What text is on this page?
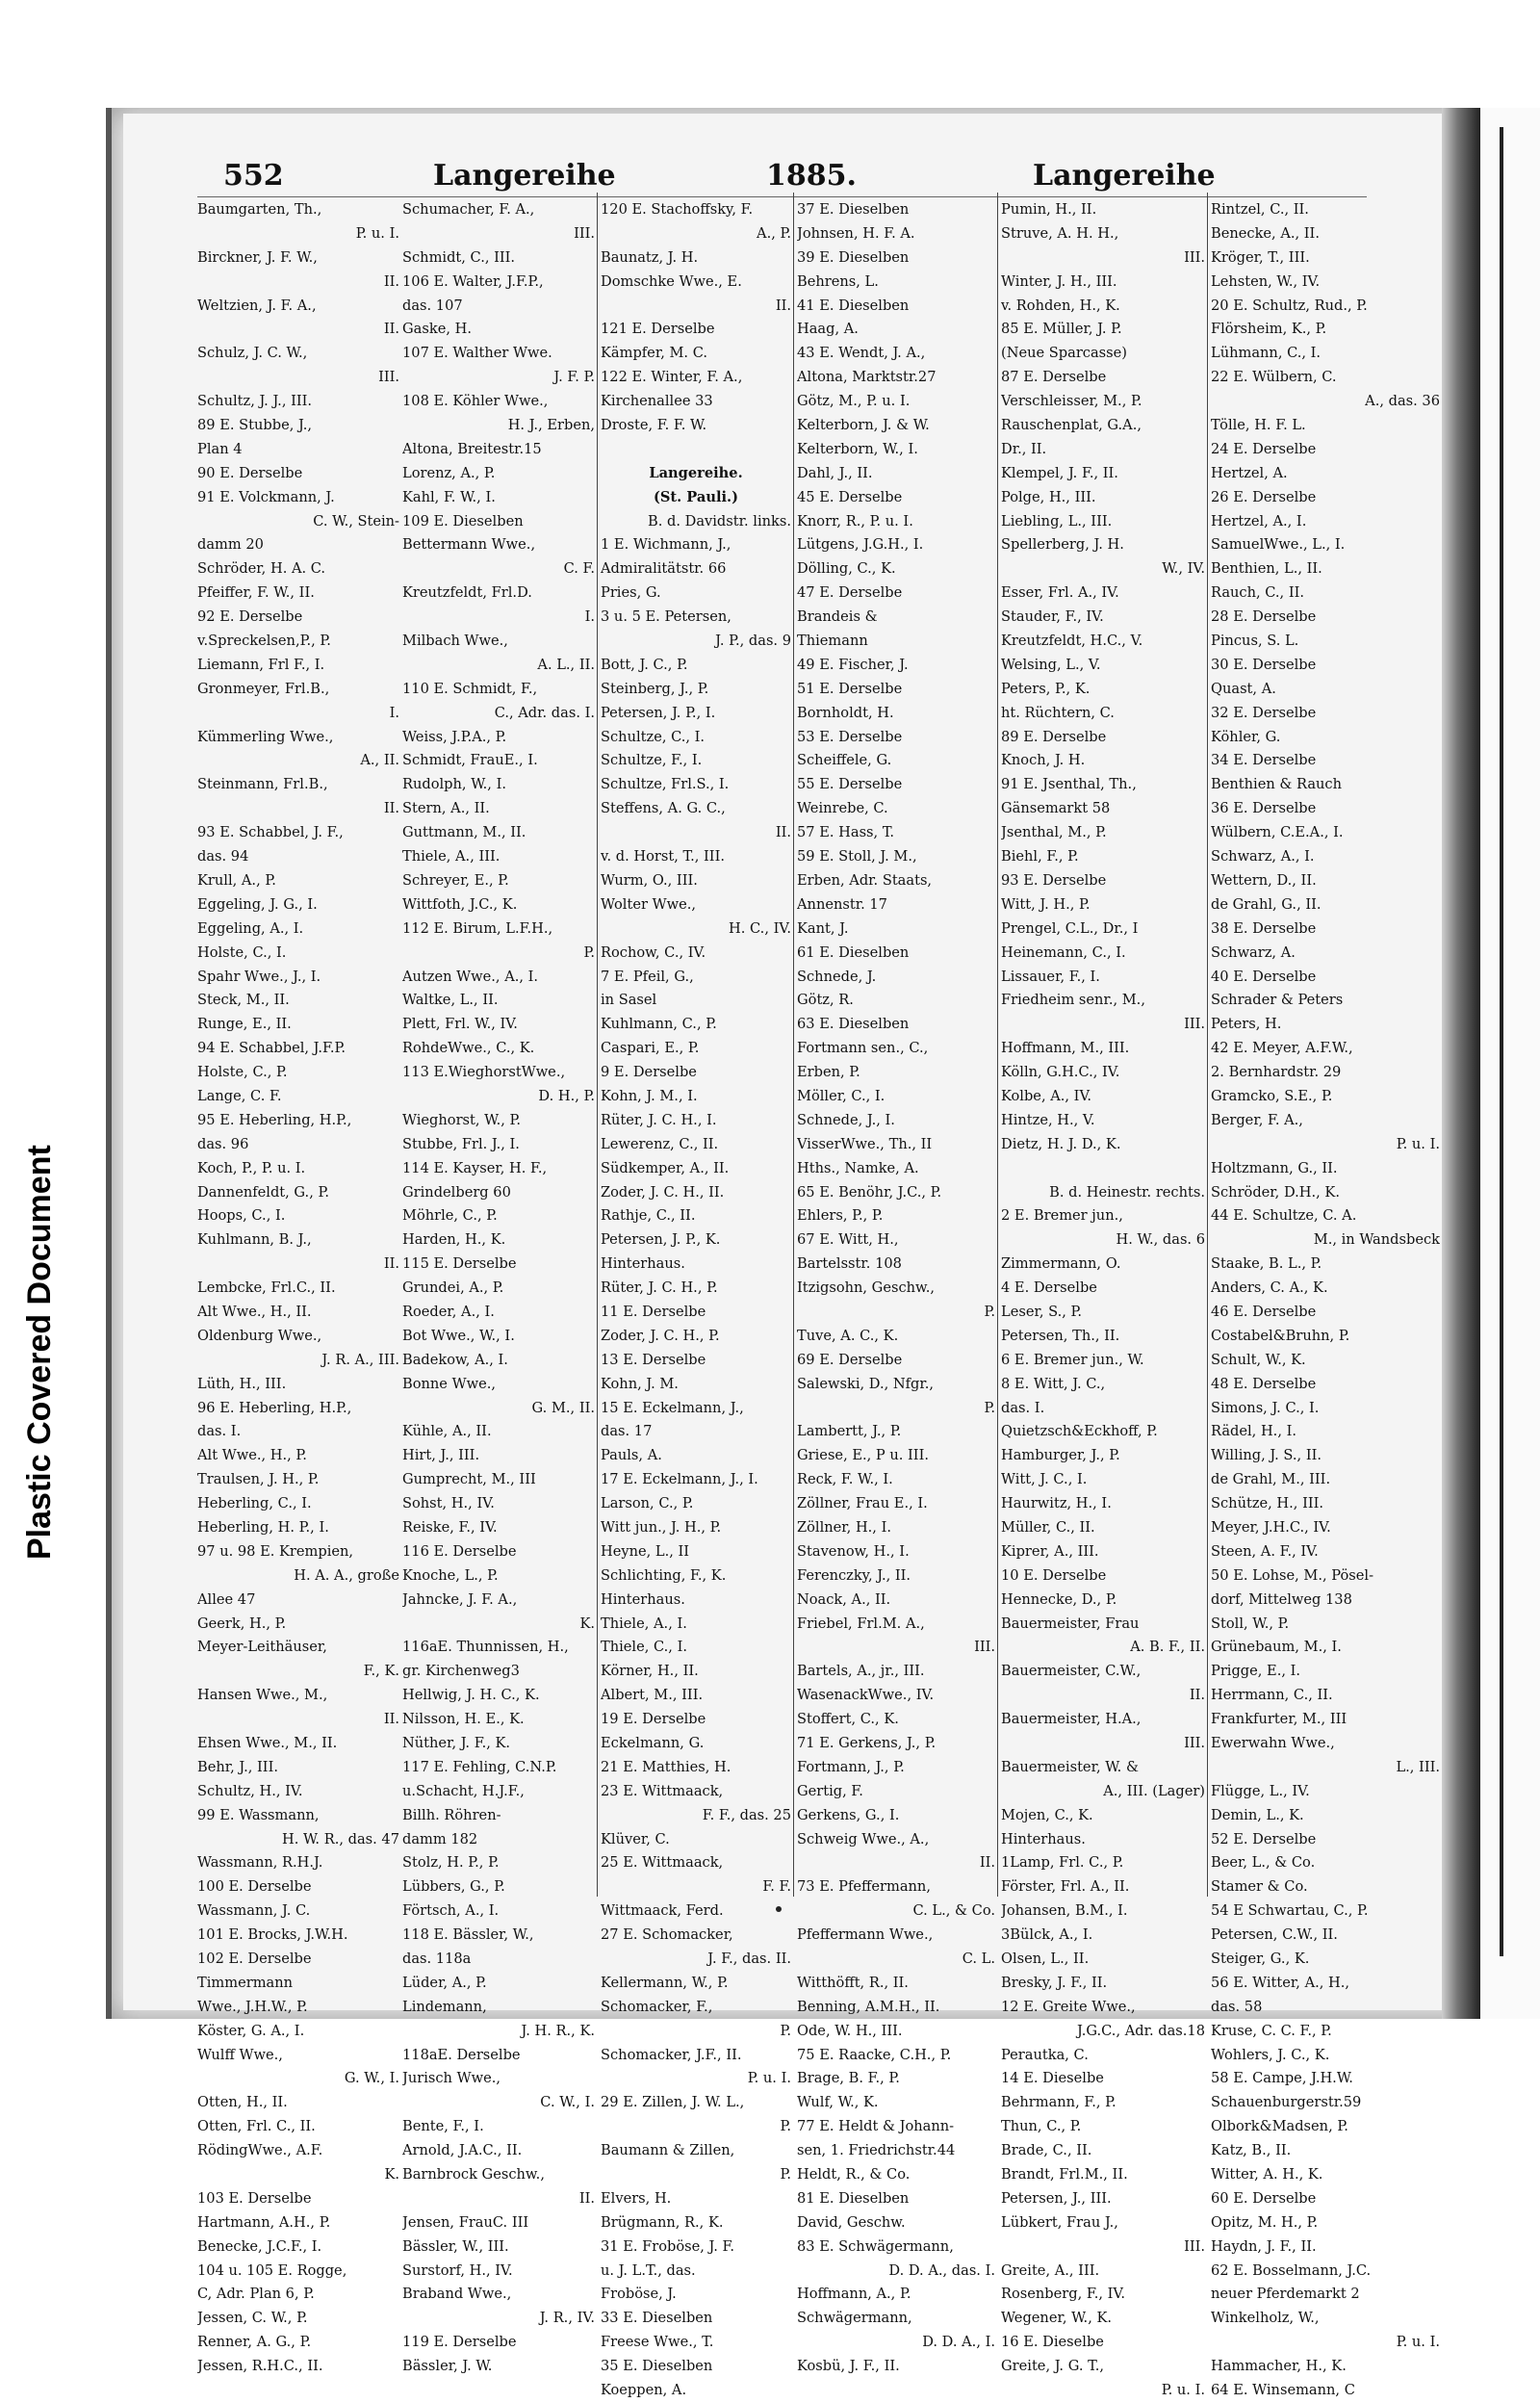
Plastic Covered Document
552	Langereihe	1885.	Langereihe
Baumgarten, Th.,
P. u. I.
Birckner, J. F. W.,
II.
Weltzien, J. F. A.,
II.
Schulz, J. C. W.,
III.
Schultz, J. J., III.
89 E. Stubbe, J.,
Plan 4
90 E. Derselbe
91 E. Volckmann, J.
C. W., Stein-
damm 20
Schröder, H. A. C.
Pfeiffer, F. W., II.
92 E. Derselbe
v.Spreckelsen,P., P.
Liemann, Frl F., I.
Gronmeyer, Frl.B.,
I.
Kümmerling Wwe.,
A., II.
Steinmann, Frl.B.,
II.
93 E. Schabbel, J. F.,
das. 94
Krull, A., P.
Eggeling, J. G., I.
Eggeling, A., I.
Holste, C., I.
Spahr Wwe., J., I.
Steck, M., II.
Runge, E., II.
94 E. Schabbel, J.F.P.
Holste, C., P.
Lange, C. F.
95 E. Heberling, H.P.,
das. 96
Koch, P., P. u. I.
Dannenfeldt, G., P.
Hoops, C., I.
Kuhlmann, B. J.,
II.
Lembcke, Frl.C., II.
Alt Wwe., H., II.
Oldenburg Wwe.,
J. R. A., III.
Lüth, H., III.
96 E. Heberling, H.P.,
das. I.
Alt Wwe., H., P.
Traulsen, J. H., P.
Heberling, C., I.
Heberling, H. P., I.
97 u. 98 E. Krempien,
H. A. A., große
Allee 47
Geerk, H., P.
Meyer-Leithäuser,
F., K.
Hansen Wwe., M.,
II.
Ehsen Wwe., M., II.
Behr, J., III.
Schultz, H., IV.
99 E. Wassmann,
H. W. R., das. 47
Wassmann, R.H.J.
100 E. Derselbe
Wassmann, J. C.
101 E. Brocks, J.W.H.
102 E. Derselbe
Timmermann
Wwe., J.H.W., P.
Köster, G. A., I.
Wulff Wwe.,
G. W., I.
Otten, H., II.
Otten, Frl. C., II.
RödingWwe., A.F.
K.
103 E. Derselbe
Hartmann, A.H., P.
Benecke, J.C.F., I.
104 u. 105 E. Rogge,
C, Adr. Plan 6, P.
Jessen, C. W., P.
Renner, A. G., P.
Jessen, R.H.C., II.
Schumacher, F. A.,
III.
Schmidt, C., III.
106 E. Walter, J.F.P.,
das. 107
Gaske, H.
107 E. Walther Wwe.
J. F. P.
108 E. Köhler Wwe.,
H. J., Erben,
Altona, Breitestr.15
Lorenz, A., P.
Kahl, F. W., I.
109 E. Dieselben
Bettermann Wwe.,
C. F.
Kreutzfeldt, Frl.D.
I.
Milbach Wwe.,
A. L., II.
110 E. Schmidt, F.,
C., Adr. das. I.
Weiss, J.P.A., P.
Schmidt, FrauE., I.
Rudolph, W., I.
Stern, A., II.
Guttmann, M., II.
Thiele, A., III.
Schreyer, E., P.
Wittfoth, J.C., K.
112 E. Birum, L.F.H.,
P.
Autzen Wwe., A., I.
Waltke, L., II.
Plett, Frl. W., IV.
RohdeWwe., C., K.
113 E.WieghorstWwe.,
D. H., P.
Wieghorst, W., P.
Stubbe, Frl. J., I.
114 E. Kayser, H. F.,
Grindelberg 60
Möhrle, C., P.
Harden, H., K.
115 E. Derselbe
Grundei, A., P.
Roeder, A., I.
Bot Wwe., W., I.
Badekow, A., I.
Bonne Wwe.,
G. M., II.
Kühle, A., II.
Hirt, J., III.
Gumprecht, M., III
Sohst, H., IV.
Reiske, F., IV.
116 E. Derselbe
Knoche, L., P.
Jahncke, J. F. A.,
K.
116aE. Thunnissen, H.,
gr. Kirchenweg3
Hellwig, J. H. C., K.
Nilsson, H. E., K.
Nüther, J. F., K.
117 E. Fehling, C.N.P.
u.Schacht, H.J.F.,
Billh. Röhren-
damm 182
Stolz, H. P., P.
Lübbers, G., P.
Förtsch, A., I.
118 E. Bässler, W.,
das. 118a
Lüder, A., P.
Lindemann,
J. H. R., K.
118aE. Derselbe
Jurisch Wwe.,
C. W., I.
Bente, F., I.
Arnold, J.A.C., II.
Barnbrock Geschw.,
II.
Jensen, FrauC. III
Bässler, W., III.
Surstorf, H., IV.
Braband Wwe.,
J. R., IV.
119 E. Derselbe
Bässler, J. W.
120 E. Stachoffsky, F.
A., P.
Baunatz, J. H.
Domschke Wwe., E.
II.
121 E. Derselbe
Kämpfer, M. C.
122 E. Winter, F. A.,
Kirchenallee 33
Droste, F. F. W.
Langereihe.
(St. Pauli.)
B. d. Davidstr. links.
1 E. Wichmann, J.,
Admiralitätstr. 66
Pries, G.
3 u. 5 E. Petersen,
J. P., das. 9
Bott, J. C., P.
Steinberg, J., P.
Petersen, J. P., I.
Schultze, C., I.
Schultze, F., I.
Schultze, Frl.S., I.
Steffens, A. G. C.,
II.
v. d. Horst, T., III.
Wurm, O., III.
Wolter Wwe.,
H. C., IV.
Rochow, C., IV.
7 E. Pfeil, G.,
in Sasel
Kuhlmann, C., P.
Caspari, E., P.
9 E. Derselbe
Kohn, J. M., I.
Rüter, J. C. H., I.
Lewerenz, C., II.
Südkemper, A., II.
Zoder, J. C. H., II.
Rathje, C., II.
Petersen, J. P., K.
Hinterhaus.
Rüter, J. C. H., P.
11 E. Derselbe
Zoder, J. C. H., P.
13 E. Derselbe
Kohn, J. M.
15 E. Eckelmann, J.,
das. 17
Pauls, A.
17 E. Eckelmann, J., I.
Larson, C., P.
Witt jun., J. H., P.
Heyne, L., II
Schlichting, F., K.
Hinterhaus.
Thiele, A., I.
Thiele, C., I.
Körner, H., II.
Albert, M., III.
19 E. Derselbe
Eckelmann, G.
21 E. Matthies, H.
23 E. Wittmaack,
F. F., das. 25
Klüver, C.
25 E. Wittmaack,
F. F.
Wittmaack, Ferd.
27 E. Schomacker,
J. F., das. II.
Kellermann, W., P.
Schomacker, F.,
P.
Schomacker, J.F., II.
P. u. I.
29 E. Zillen, J. W. L.,
P.
Baumann & Zillen,
P.
Elvers, H.
Brügmann, R., K.
31 E. Froböse, J. F.
u. J. L.T., das.
Froböse, J.
33 E. Dieselben
Freese Wwe., T.
35 E. Dieselben
Koeppen, A.
37 E. Dieselben
Johnsen, H. F. A.
39 E. Dieselben
Behrens, L.
41 E. Dieselben
Haag, A.
43 E. Wendt, J. A.,
Altona, Marktstr.27
Götz, M., P. u. I.
Kelterborn, J. & W.
Kelterborn, W., I.
Dahl, J., II.
45 E. Derselbe
Knorr, R., P. u. I.
Lütgens, J.G.H., I.
Dölling, C., K.
47 E. Derselbe
Brandeis &
Thiemann
49 E. Fischer, J.
51 E. Derselbe
Bornholdt, H.
53 E. Derselbe
Scheiffele, G.
55 E. Derselbe
Weinrebe, C.
57 E. Hass, T.
59 E. Stoll, J. M.,
Erben, Adr. Staats,
Annenstr. 17
Kant, J.
61 E. Dieselben
Schnede, J.
Götz, R.
63 E. Dieselben
Fortmann sen., C.,
Erben, P.
Möller, C., I.
Schnede, J., I.
VisserWwe., Th., II
Hths., Namke, A.
65 E. Benöhr, J.C., P.
Ehlers, P., P.
67 E. Witt, H.,
Bartelsstr. 108
Itzigsohn, Geschw.,
P.
Tuve, A. C., K.
69 E. Derselbe
Salewski, D., Nfgr.,
P.
Lambertt, J., P.
Griese, E., P u. III.
Reck, F. W., I.
Zöllner, Frau E., I.
Zöllner, H., I.
Stavenow, H., I.
Ferenczky, J., II.
Noack, A., II.
Friebel, Frl.M. A.,
III.
Bartels, A., jr., III.
WasenackWwe., IV.
Stoffert, C., K.
71 E. Gerkens, J., P.
Fortmann, J., P.
Gertig, F.
Gerkens, G., I.
Schweig Wwe., A.,
II.
73 E. Pfeffermann,
C. L., & Co.
Pfeffermann Wwe.,
C. L.
Witthöfft, R., II.
Benning, A.M.H., II.
Ode, W. H., III.
75 E. Raacke, C.H., P.
Brage, B. F., P.
Wulf, W., K.
77 E. Heldt & Johann-
sen, 1. Friedrichstr.44
Heldt, R., & Co.
81 E. Dieselben
David, Geschw.
83 E. Schwägermann,
D. D. A., das. I.
Hoffmann, A., P.
Schwägermann,
D. D. A., I.
Kosbü, J. F., II.
Pumin, H., II.
Struve, A. H. H.,
III.
Winter, J. H., III.
v. Rohden, H., K.
85 E. Müller, J. P.
(Neue Sparcasse)
87 E. Derselbe
Verschleisser, M., P.
Rauschenplat, G.A.,
Dr., II.
Klempel, J. F., II.
Polge, H., III.
Liebling, L., III.
Spellerberg, J. H.
W., IV.
Esser, Frl. A., IV.
Stauder, F., IV.
Kreutzfeldt, H.C., V.
Welsing, L., V.
Peters, P., K.
ht. Rüchtern, C.
89 E. Derselbe
Knoch, J. H.
91 E. Jsenthal, Th.,
Gänsemarkt 58
Jsenthal, M., P.
Biehl, F., P.
93 E. Derselbe
Witt, J. H., P.
Prengel, C.L., Dr., I
Heinemann, C., I.
Lissauer, F., I.
Friedheim senr., M.,
III.
Hoffmann, M., III.
Kölln, G.H.C., IV.
Kolbe, A., IV.
Hintze, H., V.
Dietz, H. J. D., K.
B. d. Heinestr. rechts.
2 E. Bremer jun.,
H. W., das. 6
Zimmermann, O.
4 E. Derselbe
Leser, S., P.
Petersen, Th., II.
6 E. Bremer jun., W.
8 E. Witt, J. C.,
das. I.
Quietzsch&Eckhoff, P.
Hamburger, J., P.
Witt, J. C., I.
Haurwitz, H., I.
Müller, C., II.
Kiprer, A., III.
10 E. Derselbe
Hennecke, D., P.
Bauermeister, Frau
A. B. F., II.
Bauermeister, C.W.,
II.
Bauermeister, H.A.,
III.
Bauermeister, W. &
A., III. (Lager)
Mojen, C., K.
Hinterhaus.
1Lamp, Frl. C., P.
Förster, Frl. A., II.
Johansen, B.M., I.
3Bülck, A., I.
Olsen, L., II.
Bresky, J. F., II.
12 E. Greite Wwe.,
J.G.C., Adr. das.18
Perautka, C.
14 E. Dieselbe
Behrmann, F., P.
Thun, C., P.
Brade, C., II.
Brandt, Frl.M., II.
Petersen, J., III.
Lübkert, Frau J.,
III.
Greite, A., III.
Rosenberg, F., IV.
Wegener, W., K.
16 E. Dieselbe
Greite, J. G. T.,
P. u. I.
Rintzel, C., II.
Benecke, A., II.
Kröger, T., III.
Lehsten, W., IV.
20 E. Schultz, Rud., P.
Flörsheim, K., P.
Lühmann, C., I.
22 E. Wülbern, C.
A., das. 36
Tölle, H. F. L.
24 E. Derselbe
Hertzel, A.
26 E. Derselbe
Hertzel, A., I.
SamuelWwe., L., I.
Benthien, L., II.
Rauch, C., II.
28 E. Derselbe
Pincus, S. L.
30 E. Derselbe
Quast, A.
32 E. Derselbe
Köhler, G.
34 E. Derselbe
Benthien & Rauch
36 E. Derselbe
Wülbern, C.E.A., I.
Schwarz, A., I.
Wettern, D., II.
de Grahl, G., II.
38 E. Derselbe
Schwarz, A.
40 E. Derselbe
Schrader & Peters
Peters, H.
42 E. Meyer, A.F.W.,
2. Bernhardstr. 29
Gramcko, S.E., P.
Berger, F. A.,
P. u. I.
Holtzmann, G., II.
Schröder, D.H., K.
44 E. Schultze, C. A.
M., in Wandsbeck
Staake, B. L., P.
Anders, C. A., K.
46 E. Derselbe
Costabel&Bruhn, P.
Schult, W., K.
48 E. Derselbe
Simons, J. C., I.
Rädel, H., I.
Willing, J. S., II.
de Grahl, M., III.
Schütze, H., III.
Meyer, J.H.C., IV.
Steen, A. F., IV.
50 E. Lohse, M., Pösel-
dorf, Mittelweg 138
Stoll, W., P.
Grünebaum, M., I.
Prigge, E., I.
Herrmann, C., II.
Frankfurter, M., III
Ewerwahn Wwe.,
L., III.
Flügge, L., IV.
Demin, L., K.
52 E. Derselbe
Beer, L., & Co.
Stamer & Co.
54 E Schwartau, C., P.
Petersen, C.W., II.
Steiger, G., K.
56 E. Witter, A., H.,
das. 58
Kruse, C. C. F., P.
Wohlers, J. C., K.
58 E. Campe, J.H.W.
Schauenburgerstr.59
Olbork&Madsen, P.
Katz, B., II.
Witter, A. H., K.
60 E. Derselbe
Opitz, M. H., P.
Haydn, J. F., II.
62 E. Bosselmann, J.C.
neuer Pferdemarkt 2
Winkelholz, W.,
P. u. I.
Hammacher, H., K.
64 E. Winsemann, C
